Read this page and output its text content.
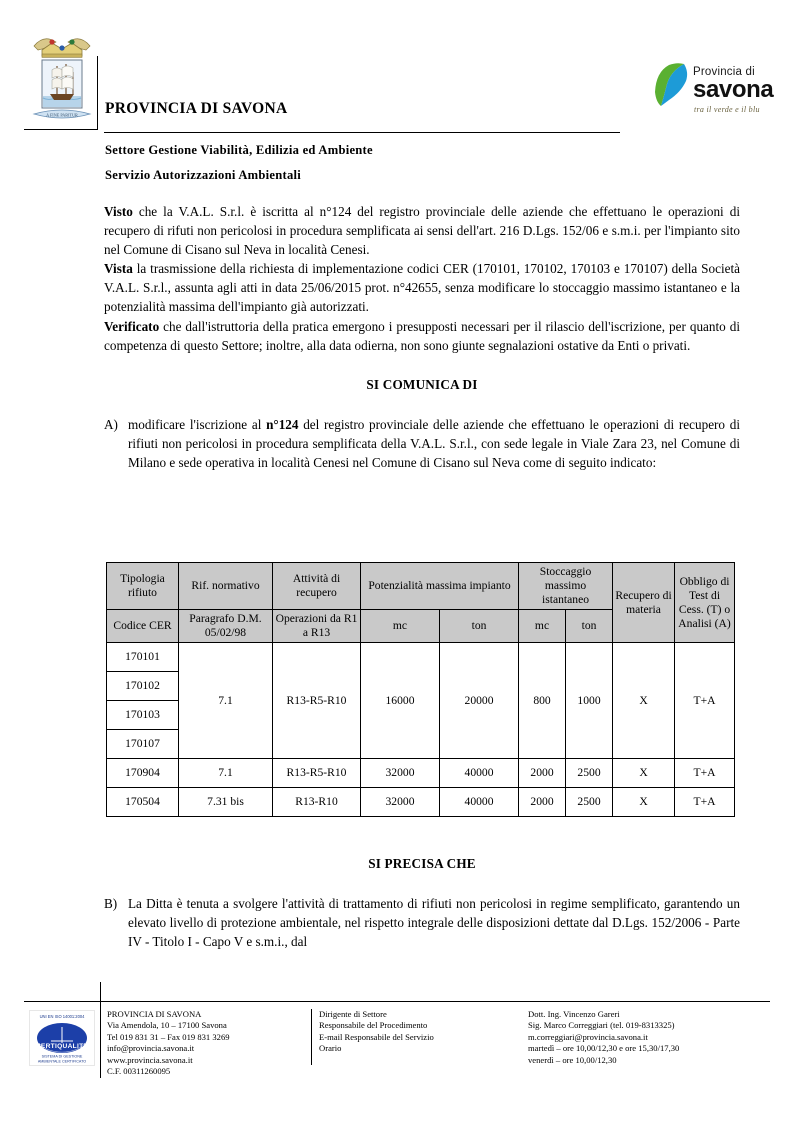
A FINE PARITUR PROVINCIA DI SAVONA
Settore Gestione Viabilità, Edilizia ed Ambiente
Servizio Autorizzazioni Ambientali
Provincia di
savona
tra il verde e il blu

Visto che la V.A.L. S.r.l. è iscritta al n°124 del registro provinciale delle aziende che effettuano le operazioni di recupero di rifuti non pericolosi in procedura semplificata ai sensi dell'art. 216 D.Lgs. 152/06 e s.m.i. per l'impianto sito nel Comune di Cisano sul Neva in località Cenesi.

Vista la trasmissione della richiesta di implementazione codici CER (170101, 170102, 170103 e 170107) della Società V.A.L. S.r.l., assunta agli atti in data 25/06/2015 prot. n°42655, senza modificare lo stoccaggio massimo istantaneo e la potenzialità massima dell'impianto già autorizzati.

Verificato che dall'istruttoria della pratica emergono i presupposti necessari per il rilascio dell'iscrizione, per quanto di competenza di questo Settore; inoltre, alla data odierna, non sono giunte segnalazioni ostative da Enti o privati.

SI COMUNICA DI

A) modificare l'iscrizione al n°124 del registro provinciale delle aziende che effettuano le operazioni di recupero di rifiuti non pericolosi in procedura semplificata della V.A.L. S.r.l., con sede legale in Viale Zara 23, nel Comune di Milano e sede operativa in località Cenesi nel Comune di Cisano sul Neva come di seguito indicato:
Tipologia rifiuto	Rif. normativo	Attività di recupero	Potenzialità massima impianto		Stoccaggio massimo istantaneo		Recupero di materia	Obbligo di Test di Cess. (T) o Analisi (A)
Codice CER	Paragrafo D.M. 05/02/98	Operazioni da R1 a R13	mc	ton	mc	ton		
170101	7.1	R13-R5-R10	16000	20000	800	1000	X	T+A
170102								
170103								
170107								
170904	7.1	R13-R5-R10	32000	40000	2000	2500	X	T+A
170504	7.31 bis	R13-R10	32000	40000	2000	2500	X	T+A

SI PRECISA CHE

B) La Ditta è tenuta a svolgere l'attività di trattamento di rifiuti non pericolosi in regime semplificato, garantendo un elevato livello di protezione ambientale, nel rispetto integrale delle disposizioni dettate dal D.Lgs. 152/2006 - Parte IV - Titolo I - Capo V e s.m.i., dal
UNI EN ISO 14001:2004
CERTIQUALITY
SISTEMA DI GESTIONE
AMBIENTALE CERTIFICATO
PROVINCIA DI SAVONA
Via Amendola, 10 – 17100 Savona
Tel 019 831 31 – Fax 019 831 3269
info@provincia.savona.it
www.provincia.savona.it
C.F. 00311260095
Dirigente di Settore
Responsabile del Procedimento
E-mail Responsabile del Servizio
Orario
Dott. Ing. Vincenzo Gareri
Sig. Marco Correggiari (tel. 019-8313325)
m.correggiari@provincia.savona.it
martedì – ore 10,00/12,30 e ore 15,30/17,30
venerdì – ore 10,00/12,30
